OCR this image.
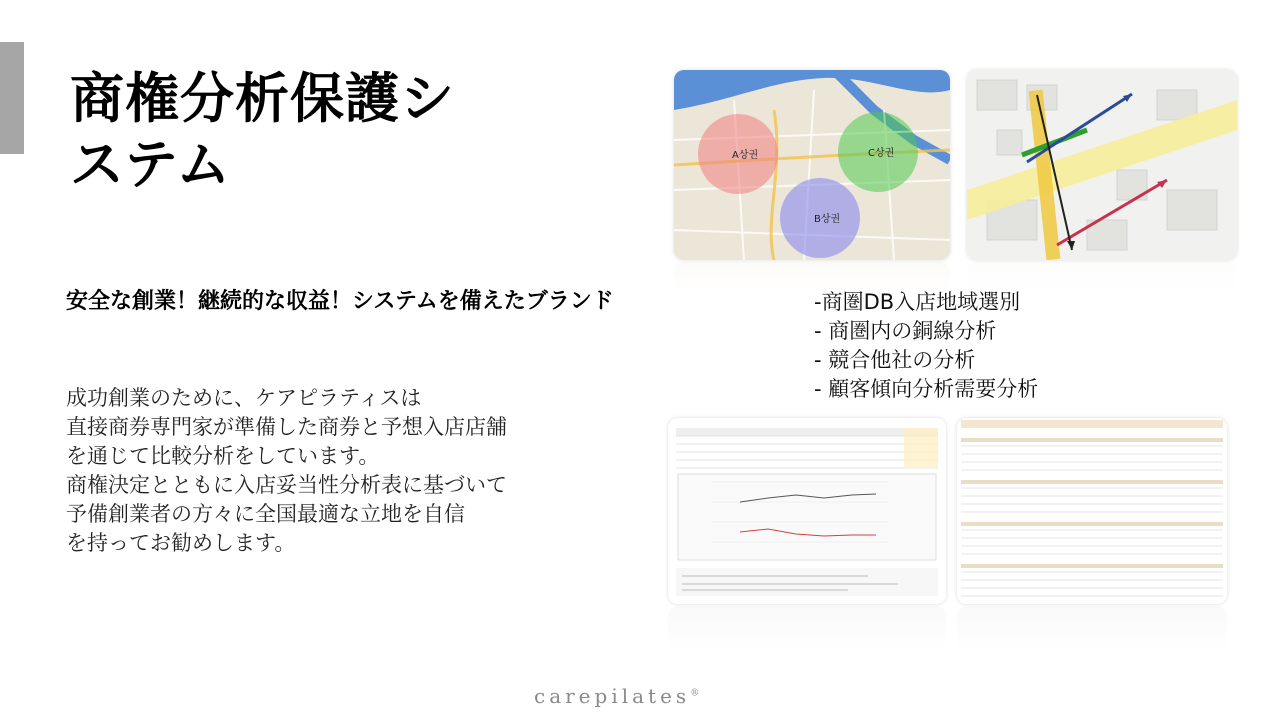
商権分析保護シ
ステム
安全な創業！継続的な収益！システムを備えたブランド
成功創業のために、ケアピラティスは
直接商券専門家が準備した商券と予想入店店舗
を通じて比較分析をしています。
商権決定とともに入店妥当性分析表に基づいて
予備創業者の方々に全国最適な立地を自信
を持ってお勧めします。
-商圏DB入店地域選別
- 商圏内の銅線分析
- 競合他社の分析
- 顧客傾向分析需要分析
A상권
B상권
C상권
carepilates®
